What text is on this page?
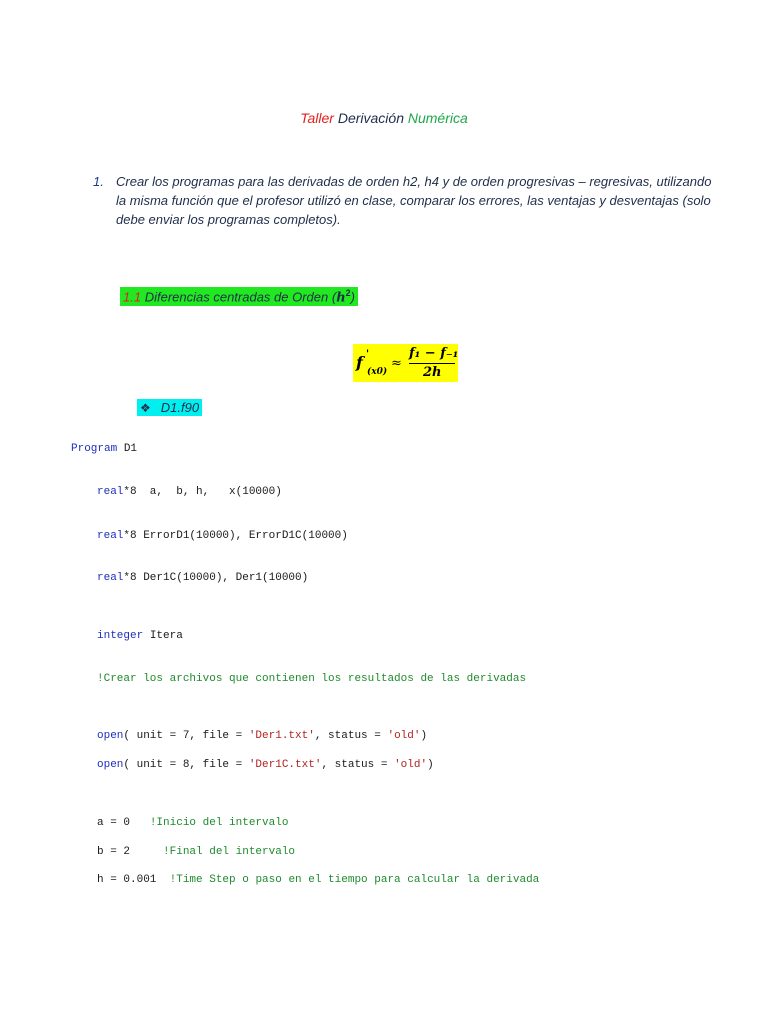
Taller Derivación Numérica
1. Crear los programas para las derivadas de orden h2, h4 y de orden progresivas – regresivas, utilizando la misma función que el profesor utilizó en clase, comparar los errores, las ventajas y desventajas (solo debe enviar los programas completos).
1.1 Diferencias centradas de Orden $(h^2)$
f '
(x0)
≈
f₁ − f₋₁
2h
❖ D1.f90
Program D1
real*8  a,  b, h,   x(10000)
real*8 ErrorD1(10000), ErrorD1C(10000)
real*8 Der1C(10000), Der1(10000)
integer Itera
!Crear los archivos que contienen los resultados de las derivadas
open( unit = 7, file = 'Der1.txt', status = 'old')
open( unit = 8, file = 'Der1C.txt', status = 'old')
a = 0   !Inicio del intervalo
b = 2     !Final del intervalo
h = 0.001  !Time Step o paso en el tiempo para calcular la derivada
